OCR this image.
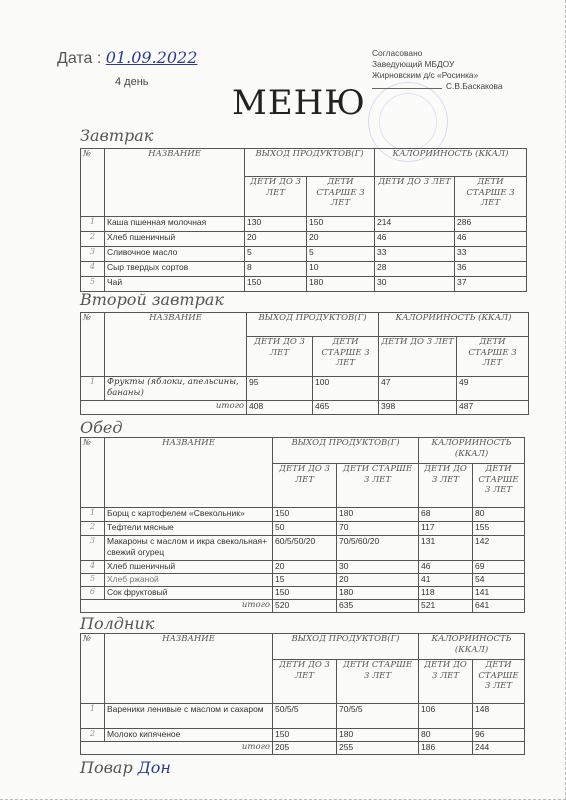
Дата : 01.09.2022
4 день
Согласовано
Заведующий МБДОУ
Жирновским д/с «Росинка»
С.В.Баскакова
МЕНЮ
Завтрак
№	НАЗВАНИЕ	ВЫХОД ПРОДУКТОВ(Г)		КАЛОРИЙНОСТЬ (ККАЛ)	
		ДЕТИ ДО 3 ЛЕТ	ДЕТИ СТАРШЕ 3 ЛЕТ	ДЕТИ ДО 3 ЛЕТ	ДЕТИ СТАРШЕ 3 ЛЕТ
1	Каша пшенная молочная	130	150	214	286
2	Хлеб пшеничный	20	20	46	46
3	Сливочное масло	5	5	33	33
4	Сыр твердых сортов	8	10	28	36
5	Чай	150	180	30	37
Второй завтрак
№	НАЗВАНИЕ	ВЫХОД ПРОДУКТОВ(Г)		КАЛОРИЙНОСТЬ (ККАЛ)	
		ДЕТИ ДО 3 ЛЕТ	ДЕТИ СТАРШЕ 3 ЛЕТ	ДЕТИ ДО 3 ЛЕТ	ДЕТИ СТАРШЕ 3 ЛЕТ
1	Фрукты (яблоки, апельсины, бананы)	95	100	47	49
итого		408	465	398	487
Обед
№	НАЗВАНИЕ	ВЫХОД ПРОДУКТОВ(Г)		КАЛОРИЙНОСТЬ (ККАЛ)	
		ДЕТИ ДО 3 ЛЕТ	ДЕТИ СТАРШЕ 3 ЛЕТ	ДЕТИ ДО 3 ЛЕТ	ДЕТИ СТАРШЕ 3 ЛЕТ
1	Борщ с картофелем «Свекольник»	150	180	68	80
2	Тефтели мясные	50	70	117	155
3	Макароны с маслом и икра свекольная+ свежий огурец	60/5/50/20	70/5/60/20	131	142
4	Хлеб пшеничный	20	30	46	69
5	Хлеб ржаной	15	20	41	54
6	Сок фруктовый	150	180	118	141
итого		520	635	521	641
Полдник
№	НАЗВАНИЕ	ВЫХОД ПРОДУКТОВ(Г)		КАЛОРИЙНОСТЬ (ККАЛ)	
		ДЕТИ ДО 3 ЛЕТ	ДЕТИ СТАРШЕ 3 ЛЕТ	ДЕТИ ДО 3 ЛЕТ	ДЕТИ СТАРШЕ 3 ЛЕТ
1	Вареники ленивые с маслом и сахаром	50/5/5	70/5/5	106	148
2	Молоко кипяченое	150	180	80	96
итого		205	255	186	244
Повар Дон
